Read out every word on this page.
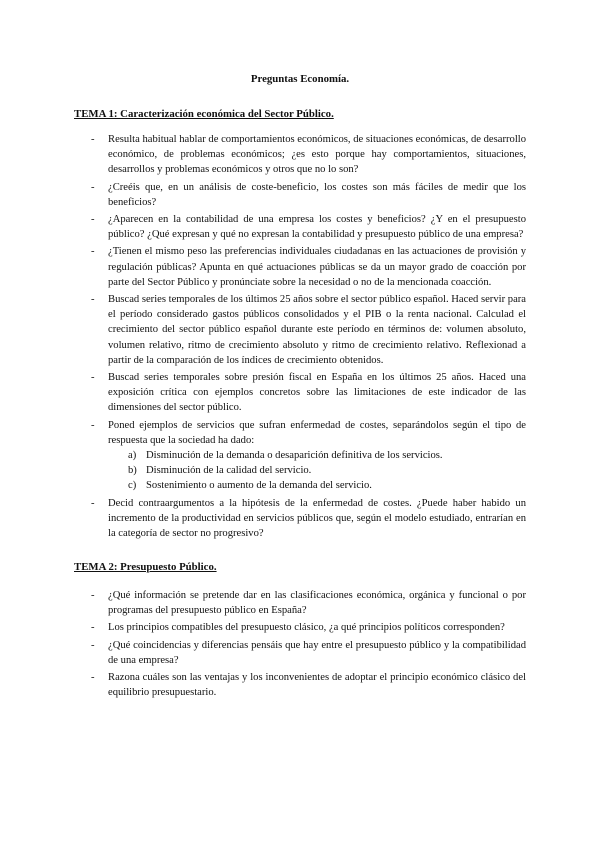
Preguntas Economía.
TEMA 1: Caracterización económica del Sector Público.
- Resulta habitual hablar de comportamientos económicos, de situaciones económicas, de desarrollo económico, de problemas económicos; ¿es esto porque hay comportamientos, situaciones, desarrollos y problemas económicos y otros que no lo son?
- ¿Creéis que, en un análisis de coste-beneficio, los costes son más fáciles de medir que los beneficios?
- ¿Aparecen en la contabilidad de una empresa los costes y beneficios? ¿Y en el presupuesto público? ¿Qué expresan y qué no expresan la contabilidad y presupuesto público de una empresa?
- ¿Tienen el mismo peso las preferencias individuales ciudadanas en las actuaciones de provisión y regulación públicas? Apunta en qué actuaciones públicas se da un mayor grado de coacción por parte del Sector Público y pronúnciate sobre la necesidad o no de la mencionada coacción.
- Buscad series temporales de los últimos 25 años sobre el sector público español. Haced servir para el período considerado gastos públicos consolidados y el PIB o la renta nacional. Calculad el crecimiento del sector público español durante este período en términos de: volumen absoluto, volumen relativo, ritmo de crecimiento absoluto y ritmo de crecimiento relativo. Reflexionad a partir de la comparación de los índices de crecimiento obtenidos.
- Buscad series temporales sobre presión fiscal en España en los últimos 25 años. Haced una exposición crítica con ejemplos concretos sobre las limitaciones de este indicador de las dimensiones del sector público.
- Poned ejemplos de servicios que sufran enfermedad de costes, separándolos según el tipo de respuesta que la sociedad ha dado:
a) Disminución de la demanda o desaparición definitiva de los servicios.
b) Disminución de la calidad del servicio.
c) Sostenimiento o aumento de la demanda del servicio.
- Decid contraargumentos a la hipótesis de la enfermedad de costes. ¿Puede haber habido un incremento de la productividad en servicios públicos que, según el modelo estudiado, entrarían en la categoría de sector no progresivo?
TEMA 2: Presupuesto Público.
- ¿Qué información se pretende dar en las clasificaciones económica, orgánica y funcional o por programas del presupuesto público en España?
- Los principios compatibles del presupuesto clásico, ¿a qué principios políticos corresponden?
- ¿Qué coincidencias y diferencias pensáis que hay entre el presupuesto público y la compatibilidad de una empresa?
- Razona cuáles son las ventajas y los inconvenientes de adoptar el principio económico clásico del equilibrio presupuestario.
